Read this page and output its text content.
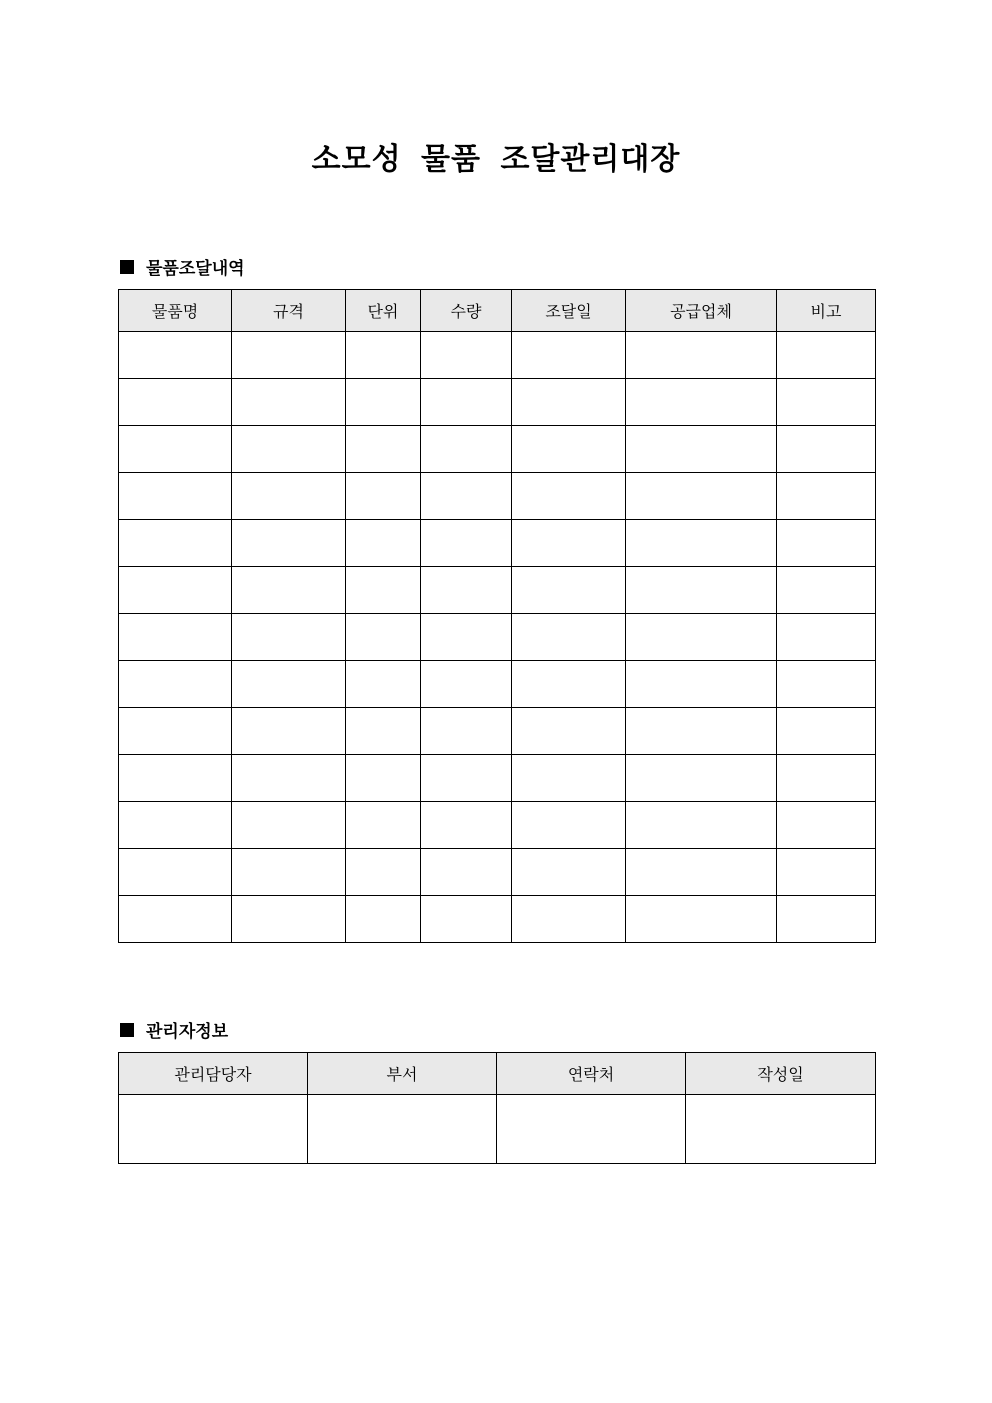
소모성 물품 조달관리대장
물품조달내역
물품명	규격	단위	수량	조달일	공급업체	비고

관리자정보
관리담당자	부서	연락처	작성일
